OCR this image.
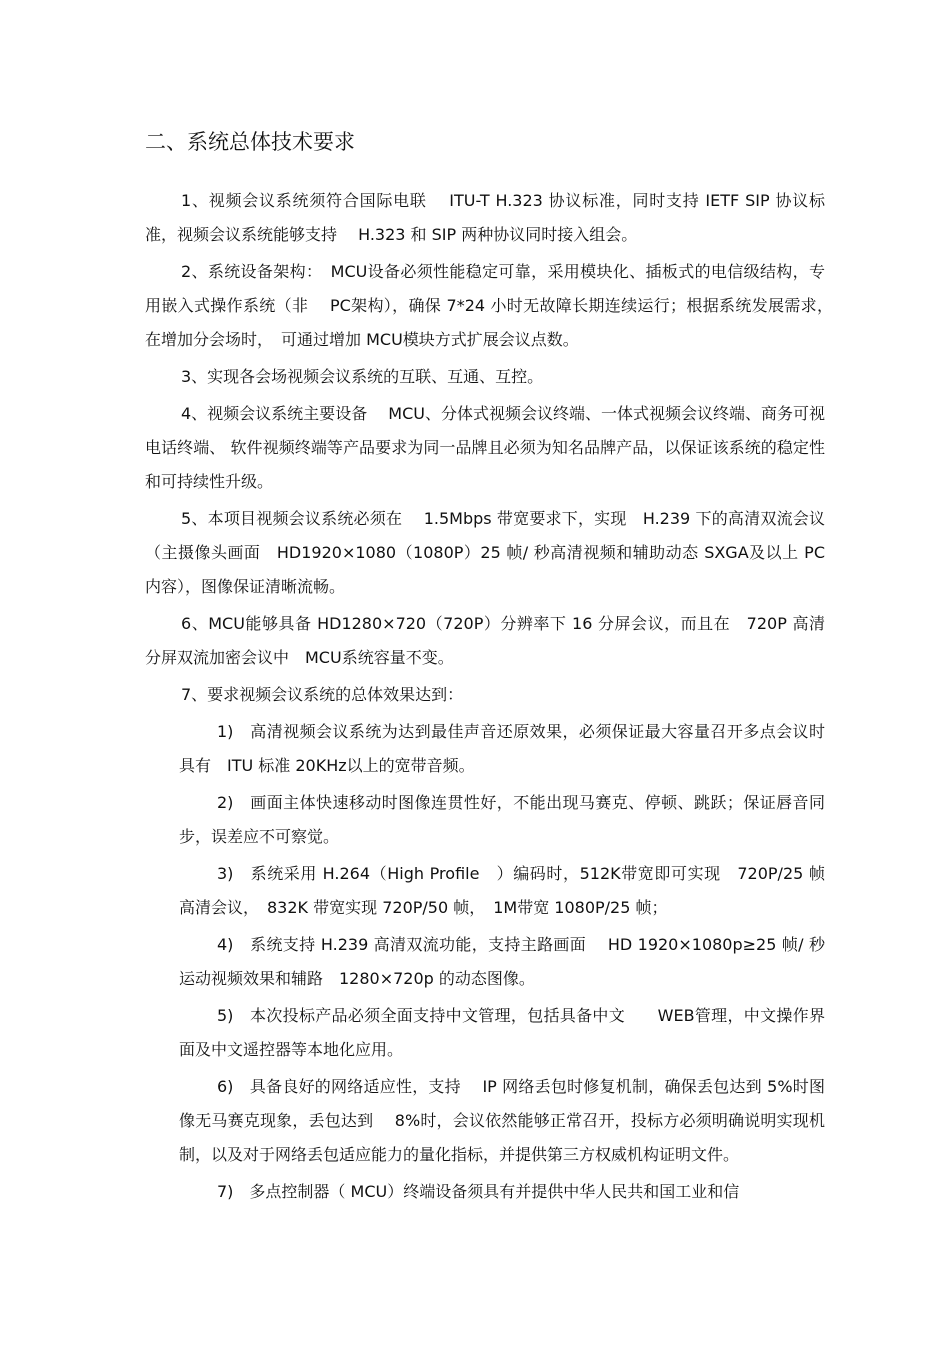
二、系统总体技术要求

1、视频会议系统须符合国际电联　 ITU-T H.323 协议标准，同时支持 IETF SIP 协议标准，视频会议系统能够支持　 H.323 和 SIP 两种协议同时接入组会。

2、系统设备架构：　MCU设备必须性能稳定可靠，采用模块化、插板式的电信级结构，专用嵌入式操作系统（非　 PC架构），确保 7*24 小时无故障长期连续运行；根据系统发展需求，　在增加分会场时，　可通过增加 MCU模块方式扩展会议点数。

3、实现各会场视频会议系统的互联、互通、互控。

4、视频会议系统主要设备　 MCU、分体式视频会议终端、一体式视频会议终端、商务可视电话终端、 软件视频终端等产品要求为同一品牌且必须为知名品牌产品，以保证该系统的稳定性和可持续性升级。

5、本项目视频会议系统必须在　 1.5Mbps 带宽要求下，实现　H.239 下的高清双流会议（主摄像头画面　HD1920×1080（1080P）25 帧/ 秒高清视频和辅助动态 SXGA及以上 PC内容），图像保证清晰流畅。

6、MCU能够具备 HD1280×720（720P）分辨率下 16 分屏会议，而且在　720P 高清分屏双流加密会议中　MCU系统容量不变。

7、要求视频会议系统的总体效果达到：

1)　高清视频会议系统为达到最佳声音还原效果，必须保证最大容量召开多点会议时具有　ITU 标准 20KHz以上的宽带音频。

2)　画面主体快速移动时图像连贯性好，不能出现马赛克、停顿、跳跃；保证唇音同步，误差应不可察觉。

3)　系统采用 H.264（High Profile　）编码时，512K带宽即可实现　720P/25 帧高清会议，　832K 带宽实现 720P/50 帧，　1M带宽 1080P/25 帧；

4)　系统支持 H.239 高清双流功能，支持主路画面　 HD 1920×1080p≥25 帧/ 秒运动视频效果和辅路　1280×720p 的动态图像。

5)　本次投标产品必须全面支持中文管理，包括具备中文　　WEB管理，中文操作界面及中文遥控器等本地化应用。

6)　具备良好的网络适应性，支持　 IP 网络丢包时修复机制，确保丢包达到 5%时图像无马赛克现象，丢包达到　 8%时，会议依然能够正常召开，投标方必须明确说明实现机制，以及对于网络丢包适应能力的量化指标，并提供第三方权威机构证明文件。

7)　多点控制器（ MCU）终端设备须具有并提供中华人民共和国工业和信
